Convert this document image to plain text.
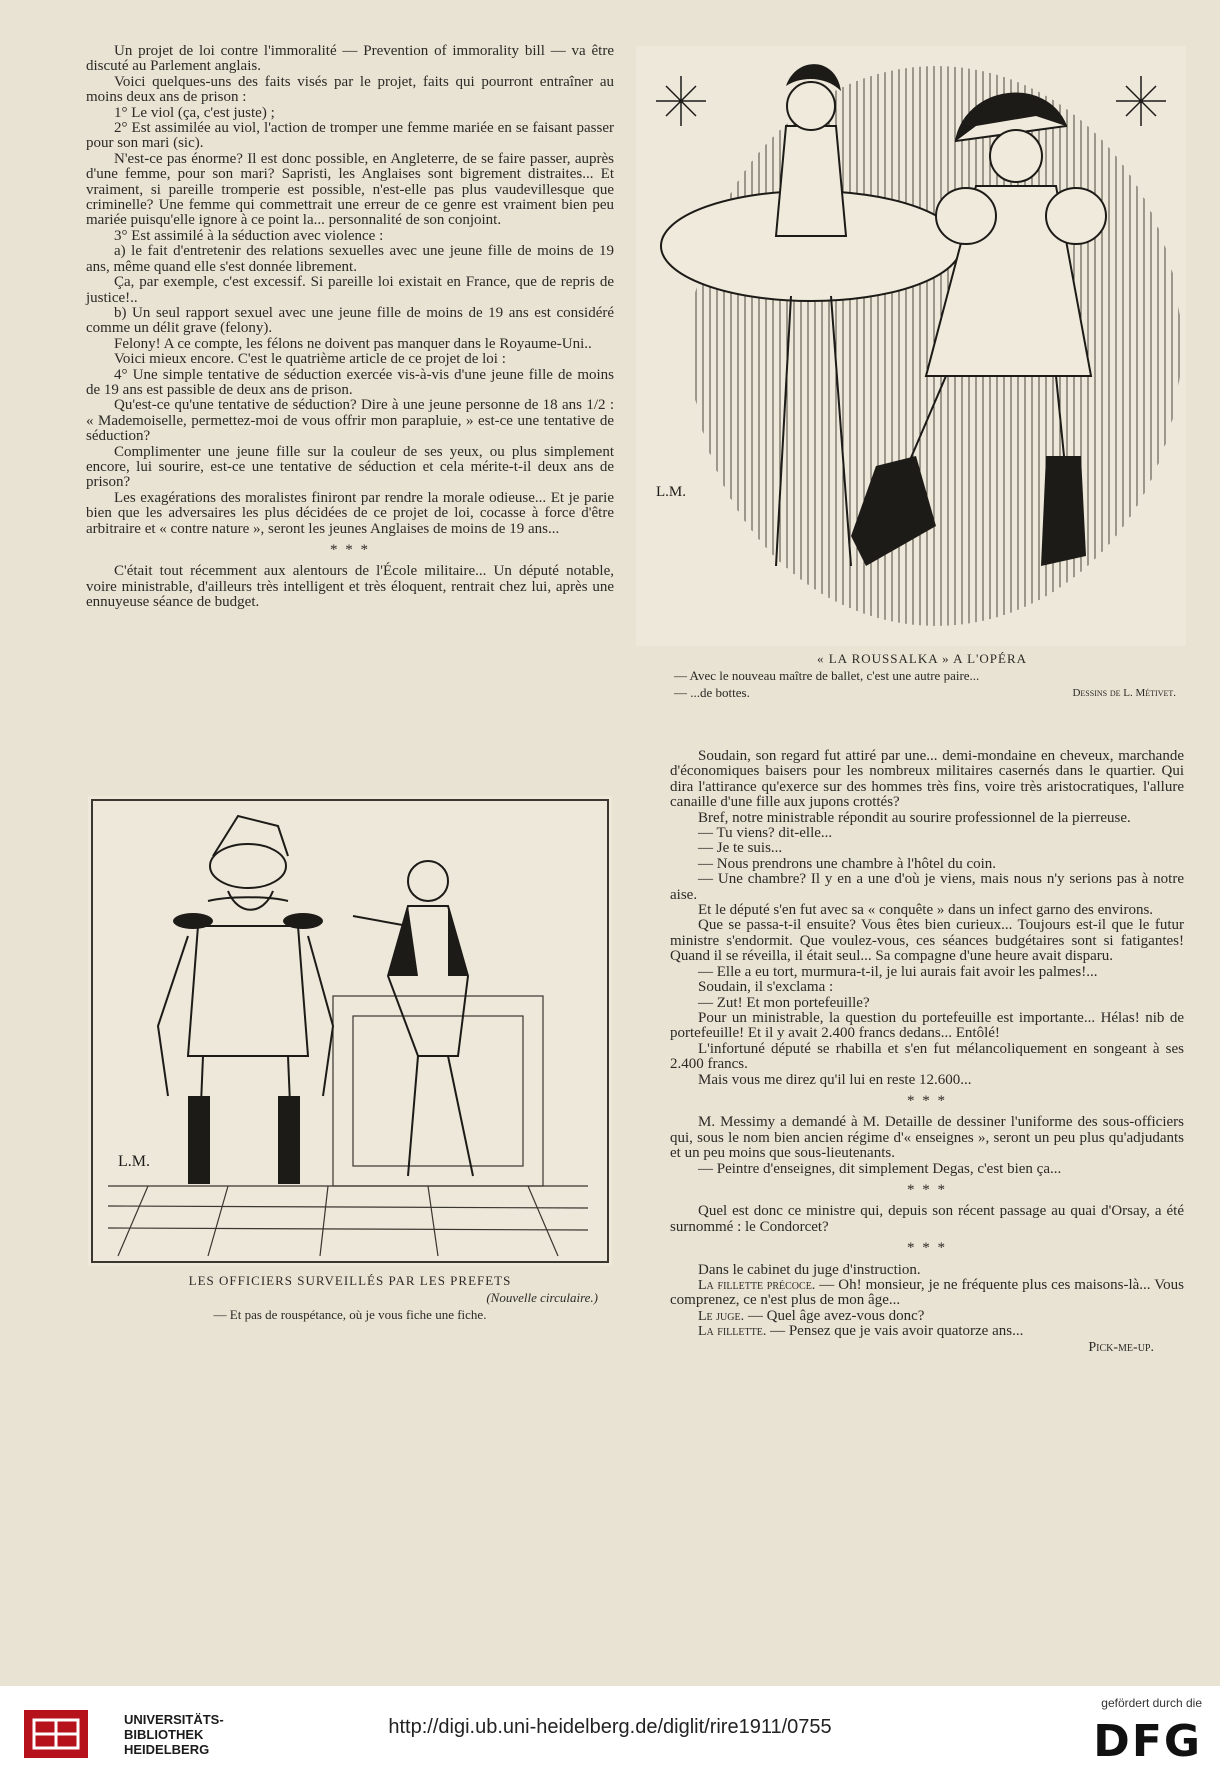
Un projet de loi contre l'immoralité — Prevention of immorality bill — va être discuté au Parlement anglais.

Voici quelques-uns des faits visés par le projet, faits qui pourront entraîner au moins deux ans de prison :

1° Le viol (ça, c'est juste) ;

2° Est assimilée au viol, l'action de tromper une femme mariée en se faisant passer pour son mari (sic).

N'est-ce pas énorme? Il est donc possible, en Angleterre, de se faire passer, auprès d'une femme, pour son mari? Sapristi, les Anglaises sont bigrement distraites... Et vraiment, si pareille tromperie est possible, n'est-elle pas plus vaudevillesque que criminelle? Une femme qui commettrait une erreur de ce genre est vraiment bien peu mariée puisqu'elle ignore à ce point la... personnalité de son conjoint.

3° Est assimilé à la séduction avec violence :

a) le fait d'entretenir des relations sexuelles avec une jeune fille de moins de 19 ans, même quand elle s'est donnée librement.

Ça, par exemple, c'est excessif. Si pareille loi existait en France, que de repris de justice!..

b) Un seul rapport sexuel avec une jeune fille de moins de 19 ans est considéré comme un délit grave (felony).

Felony! A ce compte, les félons ne doivent pas manquer dans le Royaume-Uni..

Voici mieux encore. C'est le quatrième article de ce projet de loi :

4° Une simple tentative de séduction exercée vis-à-vis d'une jeune fille de moins de 19 ans est passible de deux ans de prison.

Qu'est-ce qu'une tentative de séduction? Dire à une jeune personne de 18 ans 1/2 : « Mademoiselle, permettez-moi de vous offrir mon parapluie, » est-ce une tentative de séduction?

Complimenter une jeune fille sur la couleur de ses yeux, ou plus simplement encore, lui sourire, est-ce une tentative de séduction et cela mérite-t-il deux ans de prison?

Les exagérations des moralistes finiront par rendre la morale odieuse... Et je parie bien que les adversaires les plus décidées de ce projet de loi, cocasse à force d'être arbitraire et « contre nature », seront les jeunes Anglaises de moins de 19 ans...

* * *

C'était tout récemment aux alentours de l'École militaire... Un député notable, voire ministrable, d'ailleurs très intelligent et très éloquent, rentrait chez lui, après une ennuyeuse séance de budget.

L.M.
LES OFFICIERS SURVEILLÉS PAR LES PREFETS
(Nouvelle circulaire.)
— Et pas de rouspétance, où je vous fiche une fiche.
L.M.
« LA ROUSSALKA » A L'OPÉRA
— Avec le nouveau maître de ballet, c'est une autre paire...
— ...de bottes.	Dessins de L. Métivet.

Soudain, son regard fut attiré par une... demi-mondaine en cheveux, marchande d'économiques baisers pour les nombreux militaires casernés dans le quartier. Qui dira l'attirance qu'exerce sur des hommes très fins, voire très aristocratiques, l'allure canaille d'une fille aux jupons crottés?

Bref, notre ministrable répondit au sourire professionnel de la pierreuse.

— Tu viens? dit-elle...

— Je te suis...

— Nous prendrons une chambre à l'hôtel du coin.

— Une chambre? Il y en a une d'où je viens, mais nous n'y serions pas à notre aise.

Et le député s'en fut avec sa « conquête » dans un infect garno des environs.

Que se passa-t-il ensuite? Vous êtes bien curieux... Toujours est-il que le futur ministre s'endormit. Que voulez-vous, ces séances budgétaires sont si fatigantes! Quand il se réveilla, il était seul... Sa compagne d'une heure avait disparu.

— Elle a eu tort, murmura-t-il, je lui aurais fait avoir les palmes!...

Soudain, il s'exclama :

— Zut! Et mon portefeuille?

Pour un ministrable, la question du portefeuille est importante... Hélas! nib de portefeuille! Et il y avait 2.400 francs dedans... Entôlé!

L'infortuné député se rhabilla et s'en fut mélancoliquement en songeant à ses 2.400 francs.

Mais vous me direz qu'il lui en reste 12.600...

* * *

M. Messimy a demandé à M. Detaille de dessiner l'uniforme des sous-officiers qui, sous le nom bien ancien régime d'« enseignes », seront un peu plus qu'adjudants et un peu moins que sous-lieutenants.

— Peintre d'enseignes, dit simplement Degas, c'est bien ça...

* * *

Quel est donc ce ministre qui, depuis son récent passage au quai d'Orsay, a été surnommé : le Condorcet?

* * *

Dans le cabinet du juge d'instruction.

La fillette précoce. — Oh! monsieur, je ne fréquente plus ces maisons-là... Vous comprenez, ce n'est plus de mon âge...

Le juge. — Quel âge avez-vous donc?

La fillette. — Pensez que je vais avoir quatorze ans...

Pick-me-up.

UNIVERSITÄTS-
BIBLIOTHEK
HEIDELBERG
http://digi.ub.uni-heidelberg.de/diglit/rire1911/0755
gefördert durch die
DFG
